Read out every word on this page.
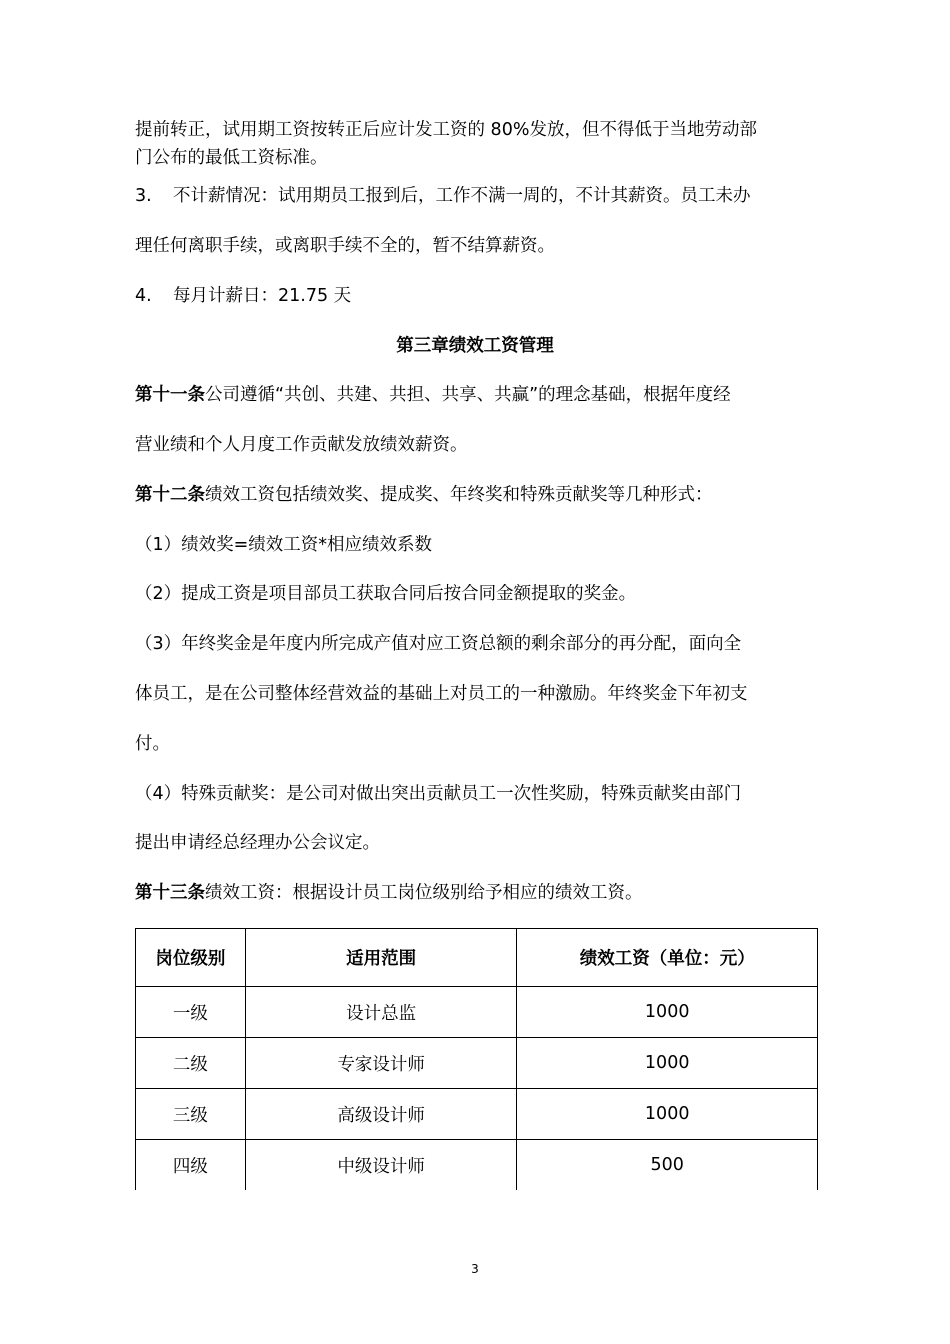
提前转正，试用期工资按转正后应计发工资的 80%发放，但不得低于当地劳动部
门公布的最低工资标准。
3. 不计薪情况：试用期员工报到后，工作不满一周的，不计其薪资。员工未办
理任何离职手续，或离职手续不全的，暂不结算薪资。
4. 每月计薪日：21.75 天
第三章绩效工资管理
第十一条公司遵循“共创、共建、共担、共享、共赢”的理念基础，根据年度经
营业绩和个人月度工作贡献发放绩效薪资。
第十二条绩效工资包括绩效奖、提成奖、年终奖和特殊贡献奖等几种形式：
（1）绩效奖=绩效工资*相应绩效系数
（2）提成工资是项目部员工获取合同后按合同金额提取的奖金。
（3）年终奖金是年度内所完成产值对应工资总额的剩余部分的再分配，面向全
体员工，是在公司整体经营效益的基础上对员工的一种激励。年终奖金下年初支
付。
（4）特殊贡献奖：是公司对做出突出贡献员工一次性奖励，特殊贡献奖由部门
提出申请经总经理办公会议定。
第十三条绩效工资：根据设计员工岗位级别给予相应的绩效工资。
岗位级别	适用范围	绩效工资（单位：元）
一级	设计总监	1000
二级	专家设计师	1000
三级	高级设计师	1000
四级	中级设计师	500
3
